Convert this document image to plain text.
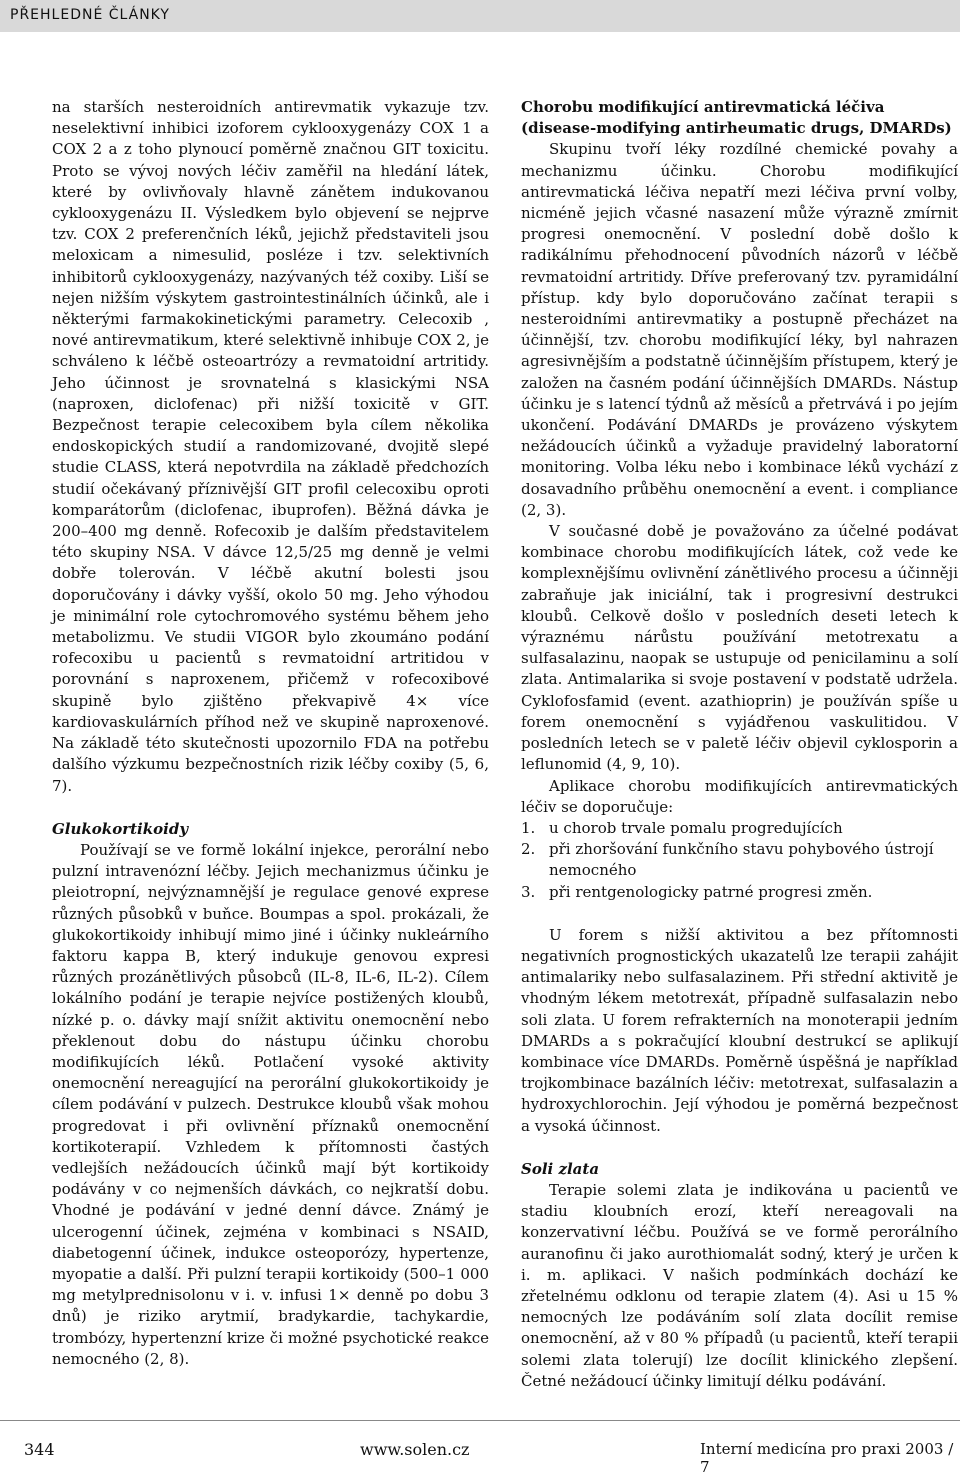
PŘEHLEDNÉ ČLÁNKY

na starších nesteroidních antirevmatik vykazuje tzv. neselektivní inhibici izoforem cyklooxygenázy COX 1 a COX 2 a z toho plynoucí poměrně značnou GIT toxicitu. Proto se vývoj nových léčiv zaměřil na hledání látek, které by ovlivňovaly hlavně zánětem indukovanou cyklooxygenázu II. Výsledkem bylo objevení se nejprve tzv. COX 2 preferenčních léků, jejichž představiteli jsou meloxicam a nimesulid, posléze i tzv. selektivních inhibitorů cyklooxygenázy, nazývaných též coxiby. Liší se nejen nižším výskytem gastrointestinálních účinků, ale i některými farmakokinetickými parametry. Celecoxib , nové antirevmatikum, které selektivně inhibuje COX 2, je schváleno k léčbě osteoartrózy a revmatoidní artritidy. Jeho účinnost je srovnatelná s klasickými NSA (naproxen, diclofenac) při nižší toxicitě v GIT. Bezpečnost terapie celecoxibem byla cílem několika endoskopických studií a randomizované, dvojitě slepé studie CLASS, která nepotvrdila na základě předchozích studií očekávaný příznivější GIT profil celecoxibu oproti komparátorům (diclofenac, ibuprofen). Běžná dávka je 200–400 mg denně. Rofecoxib je dalším představitelem této skupiny NSA. V dávce 12,5/25 mg denně je velmi dobře tolerován. V léčbě akutní bolesti jsou doporučovány i dávky vyšší, okolo 50 mg. Jeho výhodou je minimální role cytochromového systému během jeho metabolizmu. Ve studii VIGOR bylo zkoumáno podání rofecoxibu u pacientů s revmatoidní artritidou v porovnání s naproxenem, přičemž v rofecoxibové skupině bylo zjištěno překvapivě 4× více kardiovaskulárních příhod než ve skupině naproxenové. Na základě této skutečnosti upozornilo FDA na potřebu dalšího výzkumu bezpečnostních rizik léčby coxiby (5, 6, 7).

Glukokortikoidy

Používají se ve formě lokální injekce, perorální nebo pulzní intravenózní léčby. Jejich mechanizmus účinku je pleiotropní, nejvýznamnější je regulace genové exprese různých působků v buňce. Boumpas a spol. prokázali, že glukokortikoidy inhibují mimo jiné i účinky nukleárního faktoru kappa B, který indukuje genovou expresi různých prozánětlivých působců (IL-8, IL-6, IL-2). Cílem lokálního podání je terapie nejvíce postižených kloubů, nízké p. o. dávky mají snížit aktivitu onemocnění nebo překlenout dobu do nástupu účinku chorobu modifikujících léků. Potlačení vysoké aktivity onemocnění nereagující na perorální glukokortikoidy je cílem podávání v pulzech. Destrukce kloubů však mohou progredovat i při ovlivnění příznaků onemocnění kortikoterapií. Vzhledem k přítomnosti častých vedlejších nežádoucích účinků mají být kortikoidy podávány v co nejmenších dávkách, co nejkratší dobu. Vhodné je podávání v jedné denní dávce. Známý je ulcerogenní účinek, zejména v kombinaci s NSAID, diabetogenní účinek, indukce osteoporózy, hypertenze, myopatie a další. Při pulzní terapii kortikoidy (500–1 000 mg metylprednisolonu v i. v. infusi 1× denně po dobu 3 dnů) je riziko arytmií, bradykardie, tachykardie, trombózy, hypertenzní krize či možné psychotické reakce nemocného (2, 8).

Chorobu modifikující antirevmatická léčiva

(disease-modifying antirheumatic drugs, DMARDs)

Skupinu tvoří léky rozdílné chemické povahy a mechanizmu účinku. Chorobu modifikující antirevmatická léčiva nepatří mezi léčiva první volby, nicméně jejich včasné nasazení může výrazně zmírnit progresi onemocnění. V poslední době došlo k radikálnímu přehodnocení původních názorů v léčbě revmatoidní artritidy. Dříve preferovaný tzv. pyramidální přístup. kdy bylo doporučováno začínat terapii s nesteroidními antirevmatiky a postupně přecházet na účinnější, tzv. chorobu modifikující léky, byl nahrazen agresivnějším a podstatně účinnějším přístupem, který je založen na časném podání účinnějších DMARDs. Nástup účinku je s latencí týdnů až měsíců a přetrvává i po jejím ukončení. Podávání DMARDs je provázeno výskytem nežádoucích účinků a vyžaduje pravidelný laboratorní monitoring. Volba léku nebo i kombinace léků vychází z dosavadního průběhu onemocnění a event. i compliance (2, 3).

V současné době je považováno za účelné podávat kombinace chorobu modifikujících látek, což vede ke komplexnějšímu ovlivnění zánětlivého procesu a účinněji zabraňuje jak iniciální, tak i progresivní destrukci kloubů. Celkově došlo v posledních deseti letech k výraznému nárůstu používání metotrexatu a sulfasalazinu, naopak se ustupuje od penicilaminu a solí zlata. Antimalarika si svoje postavení v podstatě udržela. Cyklofosfamid (event. azathioprin) je používán spíše u forem onemocnění s vyjádřenou vaskulitidou. V posledních letech se v paletě léčiv objevil cyklosporin a leflunomid (4, 9, 10).

Aplikace chorobu modifikujících antirevmatických léčiv se doporučuje:

1. u chorob trvale pomalu progredujících
2. při zhoršování funkčního stavu pohybového ústrojí nemocného
3. při rentgenologicky patrné progresi změn.

U forem s nižší aktivitou a bez přítomnosti negativních prognostických ukazatelů lze terapii zahájit antimalariky nebo sulfasalazinem. Při střední aktivitě je vhodným lékem metotrexát, případně sulfasalazin nebo soli zlata. U forem refrakterních na monoterapii jedním DMARDs a s pokračující kloubní destrukcí se aplikují kombinace více DMARDs. Poměrně úspěšná je například trojkombinace bazálních léčiv: metotrexat, sulfasalazin a hydroxychlorochin. Její výhodou je poměrná bezpečnost a vysoká účinnost.

Soli zlata

Terapie solemi zlata je indikována u pacientů ve stadiu kloubních erozí, kteří nereagovali na konzervativní léčbu. Používá se ve formě perorálního auranofinu či jako aurothiomalát sodný, který je určen k i. m. aplikaci. V našich podmínkách dochází ke zřetelnému odklonu od terapie zlatem (4). Asi u 15 % nemocných lze podáváním solí zlata docílit remise onemocnění, až v 80 % případů (u pacientů, kteří terapii solemi zlata tolerují) lze docílit klinického zlepšení. Četné nežádoucí účinky limitují délku podávání.

344	www.solen.cz	Interní medicína pro praxi 2003 / 7
